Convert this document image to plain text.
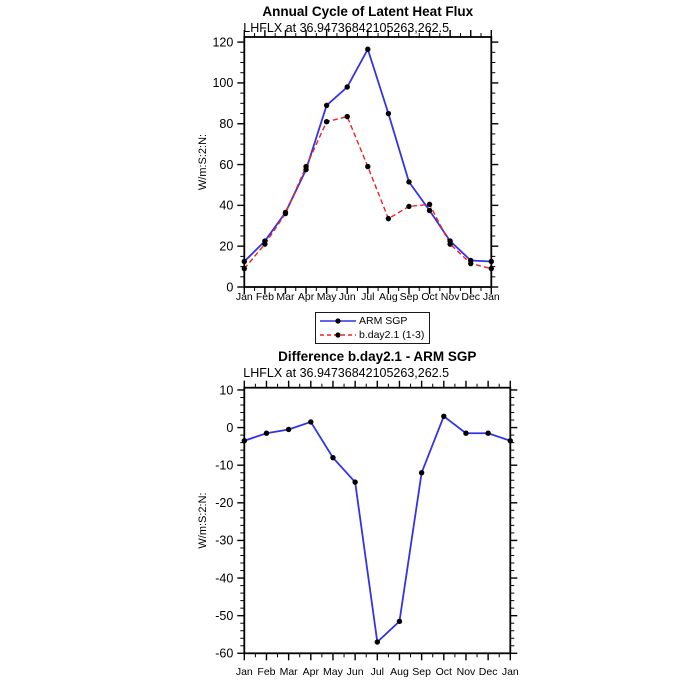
Annual Cycle of Latent Heat Flux
LHFLX at 36.94736842105263,262.5
W/m:S:2:N:
0
20
40
60
80
100
120
Jan Feb Mar Apr May Jun Jul Aug Sep Oct Nov Dec Jan
ARM SGP
b.day2.1 (1-3)
Difference b.day2.1 - ARM SGP
LHFLX at 36.94736842105263,262.5
W/m:S:2:N:
10
0
-10
-20
-30
-40
-50
-60
Jan Feb Mar Apr May Jun Jul Aug Sep Oct Nov Dec Jan
